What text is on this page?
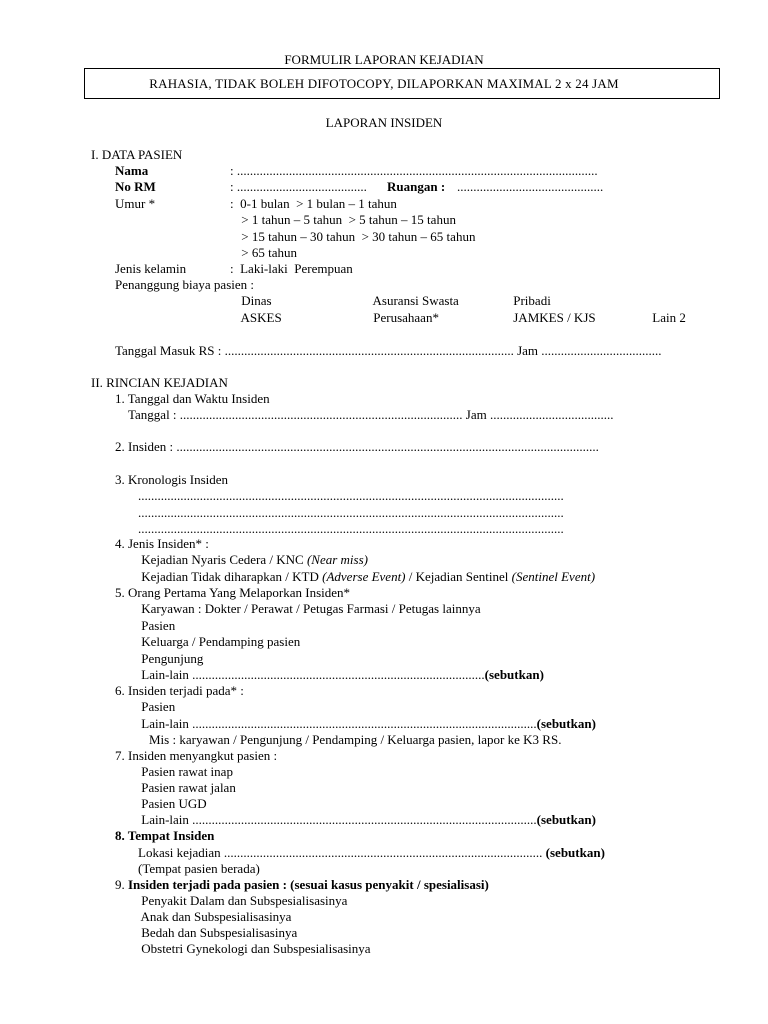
FORMULIR LAPORAN KEJADIAN
RAHASIA, TIDAK BOLEH DIFOTOCOPY, DILAPORKAN MAXIMAL 2 x 24 JAM
LAPORAN INSIDEN
I. DATA PASIEN
Nama	: ...............................................................................................................
No RM	: ........................................ Ruangan : .............................................
Umur *	:  0-1 bulan  > 1 bulan – 1 tahun
> 1 tahun – 5 tahun  > 5 tahun – 15 tahun
> 15 tahun – 30 tahun  > 30 tahun – 65 tahun
> 65 tahun
Jenis kelamin	:  Laki-laki  Perempuan
Penanggung biaya pasien :
Dinas	Asuransi Swasta	Pribadi
ASKES	Perusahaan*	JAMKES / KJS	Lain 2
Tanggal Masuk RS : ......................................................................................... Jam .....................................
II. RINCIAN KEJADIAN
1. Tanggal dan Waktu Insiden
Tanggal : ....................................................................................... Jam ......................................
2. Insiden : ..................................................................................................................................
3. Kronologis Insiden
...................................................................................................................................
...................................................................................................................................
...................................................................................................................................
4. Jenis Insiden* :
Kejadian Nyaris Cedera / KNC (Near miss)
Kejadian Tidak diharapkan / KTD (Adverse Event) / Kejadian Sentinel (Sentinel Event)
5. Orang Pertama Yang Melaporkan Insiden*
Karyawan : Dokter / Perawat / Petugas Farmasi / Petugas lainnya
Pasien
Keluarga / Pendamping pasien
Pengunjung
Lain-lain ..........................................................................................(sebutkan)
6. Insiden terjadi pada* :
Pasien
Lain-lain ..........................................................................................................(sebutkan)
Mis : karyawan / Pengunjung / Pendamping / Keluarga pasien, lapor ke K3 RS.
7. Insiden menyangkut pasien :
Pasien rawat inap
Pasien rawat jalan
Pasien UGD
Lain-lain ..........................................................................................................(sebutkan)
8. Tempat Insiden
Lokasi kejadian .................................................................................................. (sebutkan)
(Tempat pasien berada)
9. Insiden terjadi pada pasien : (sesuai kasus penyakit / spesialisasi)
Penyakit Dalam dan Subspesialisasinya
Anak dan Subspesialisasinya
Bedah dan Subspesialisasinya
Obstetri Gynekologi dan Subspesialisasinya
